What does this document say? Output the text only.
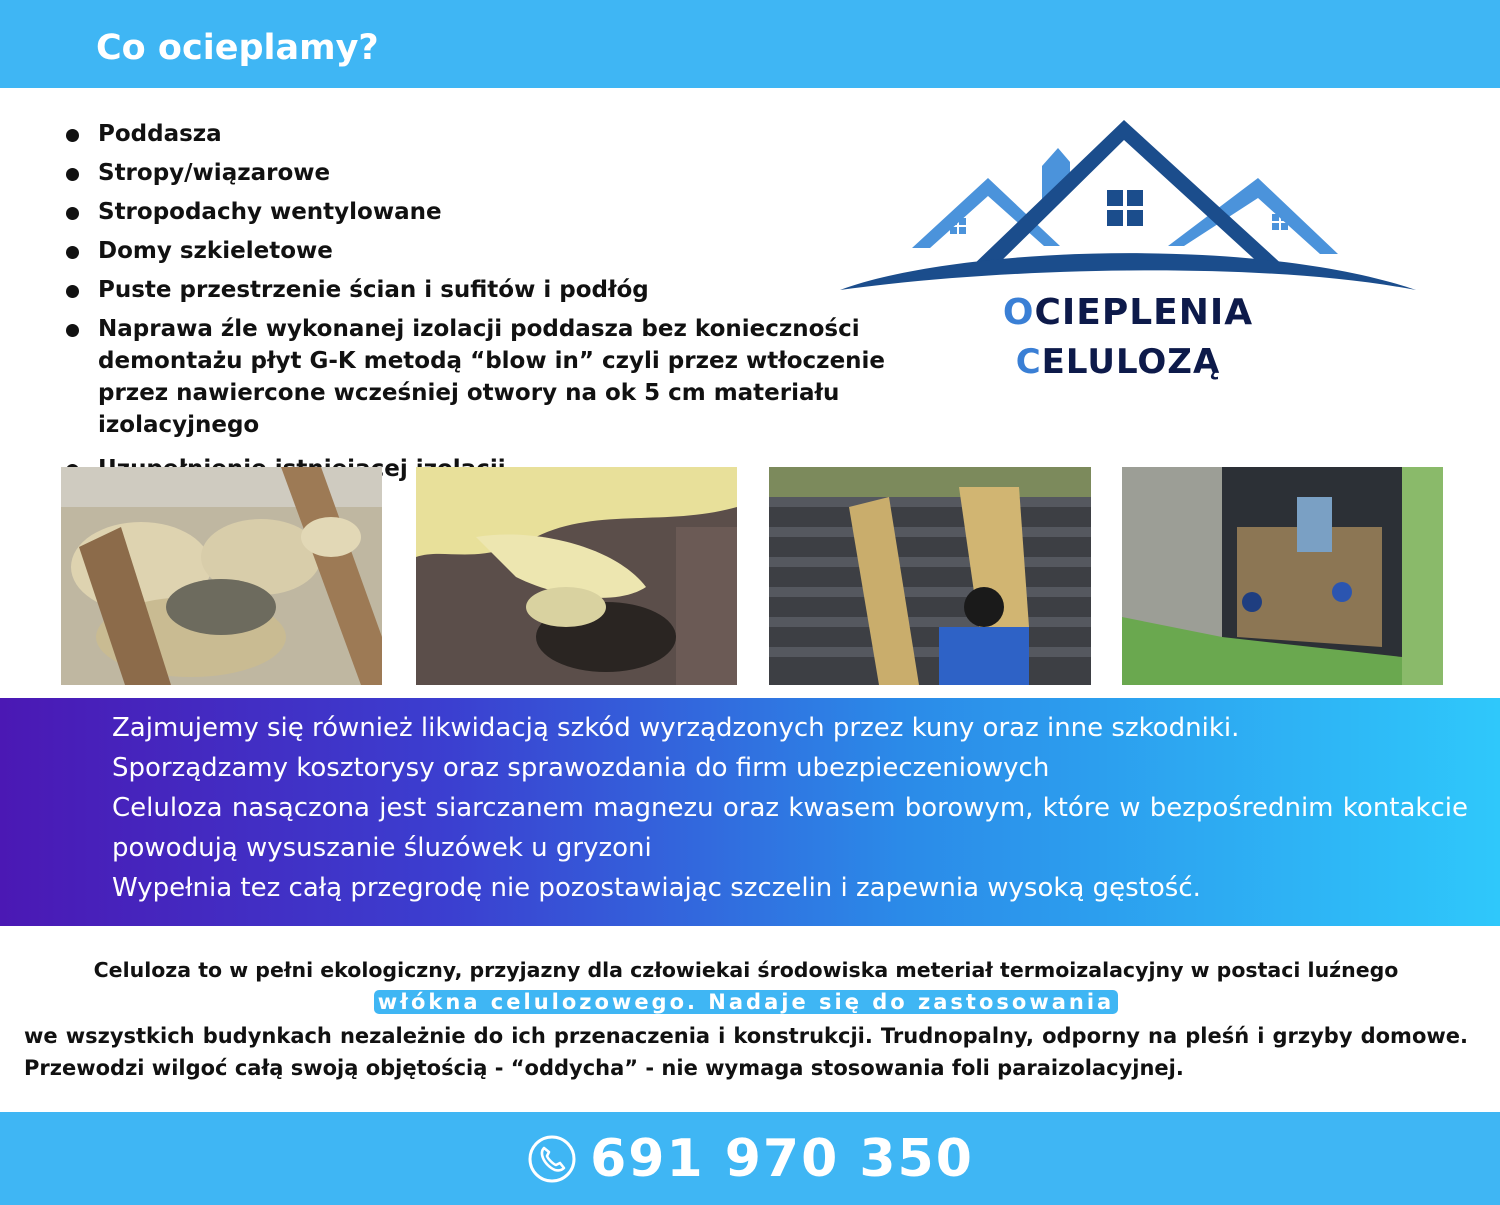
Co ocieplamy?
Poddasza
Stropy/wiązarowe
Stropodachy wentylowane
Domy szkieletowe
Puste przestrzenie ścian i sufitów i podłóg
Naprawa źle wykonanej izolacji poddasza bez konieczności demontażu płyt G-K metodą “blow in” czyli przez wtłoczenie przez nawiercone wcześniej otwory na ok 5 cm materiału izolacyjnego
OCIEPLENIA
CELULOZĄ

Zajmujemy się również likwidacją szkód wyrządzonych przez kuny oraz inne szkodniki.

Sporządzamy kosztorysy oraz sprawozdania do firm ubezpieczeniowych

Celuloza nasączona jest siarczanem magnezu oraz kwasem borowym, które w bezpośrednim kontakcie powodują wysuszanie śluzówek u gryzoni

Wypełnia tez całą przegrodę nie pozostawiając szczelin i zapewnia wysoką gęstość.

Celuloza to w pełni ekologiczny, przyjazny dla człowiekai środowiska meteriał termoizalacyjny w postaci luźnego
włókna celulozowego. Nadaje się do zastosowania
we wszystkich budynkach nezależnie do ich przenaczenia i konstrukcji. Trudnopalny, odporny na pleśń i grzyby domowe. Przewodzi wilgoć całą swoją objętością - “oddycha” - nie wymaga stosowania foli paraizolacyjnej.
691 970 350
